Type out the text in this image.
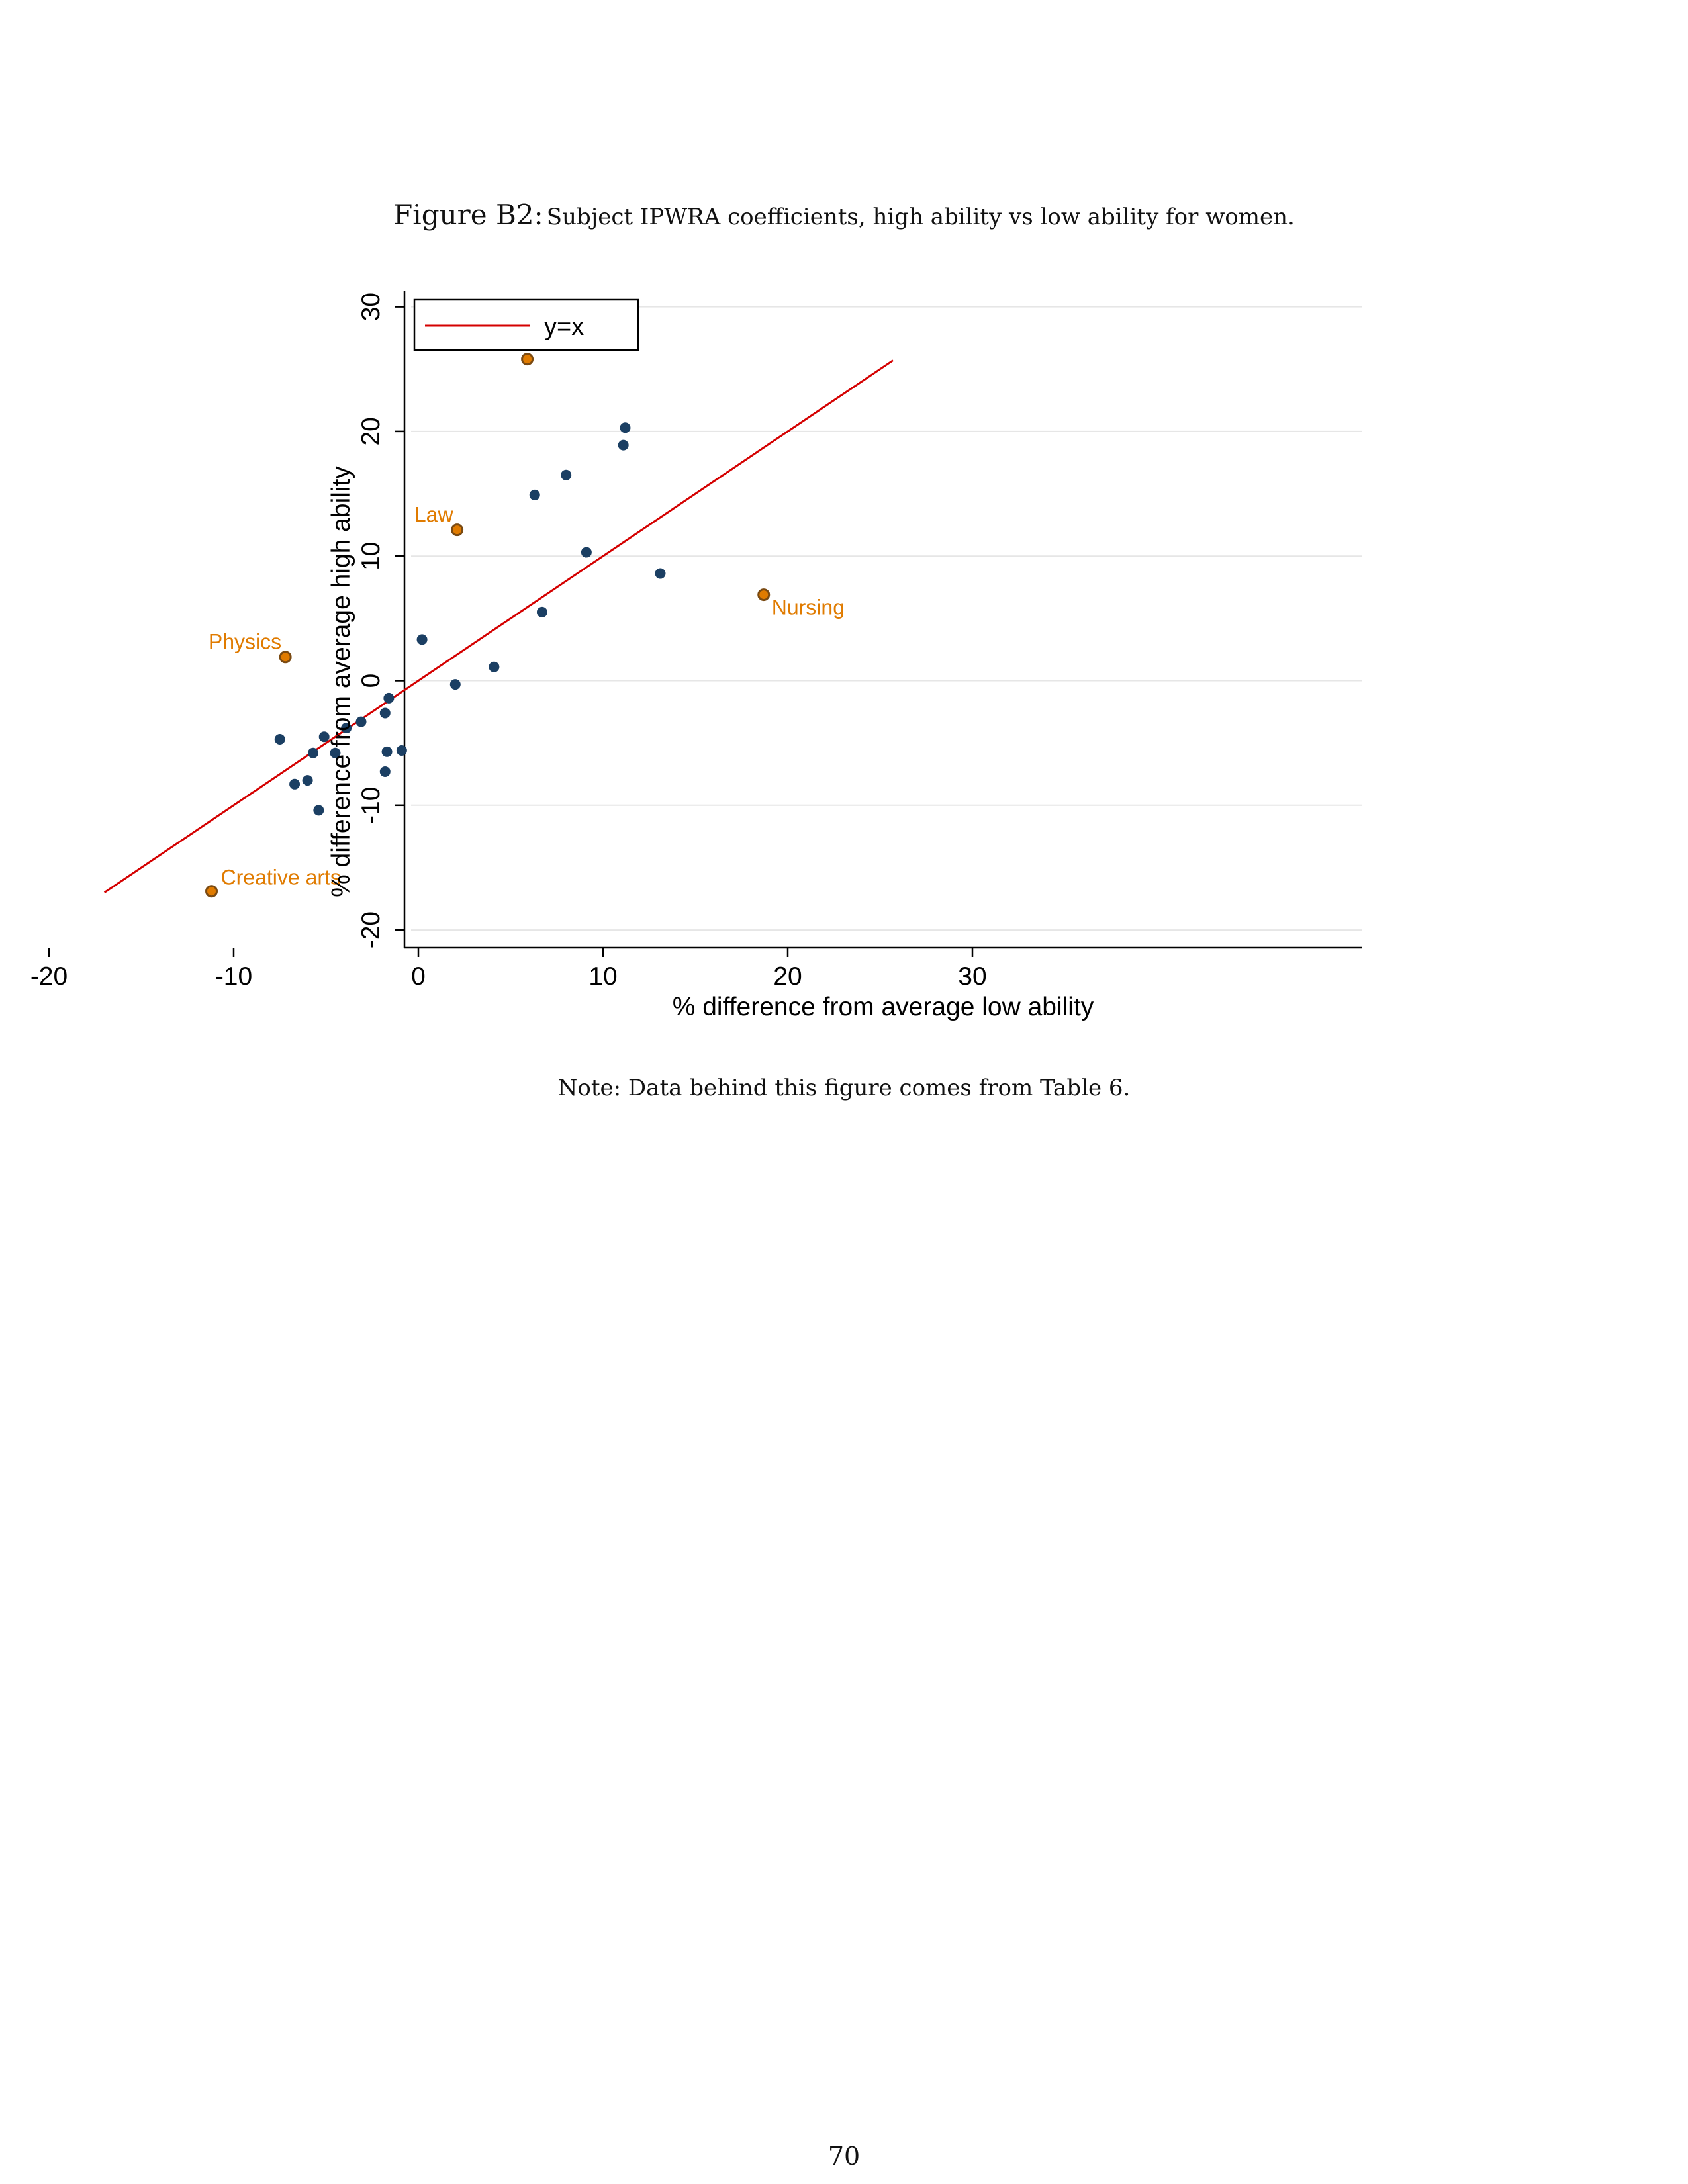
Figure B2: Subject IPWRA coefficients, high ability vs low ability for women.
-20
-10
0
10
20
30
-20	-10	0	10	20	30
Law
Physics
Nursing
Creative arts
y=x
% difference from average low ability
% difference from average high ability
Note: Data behind this figure comes from Table 6.
70
